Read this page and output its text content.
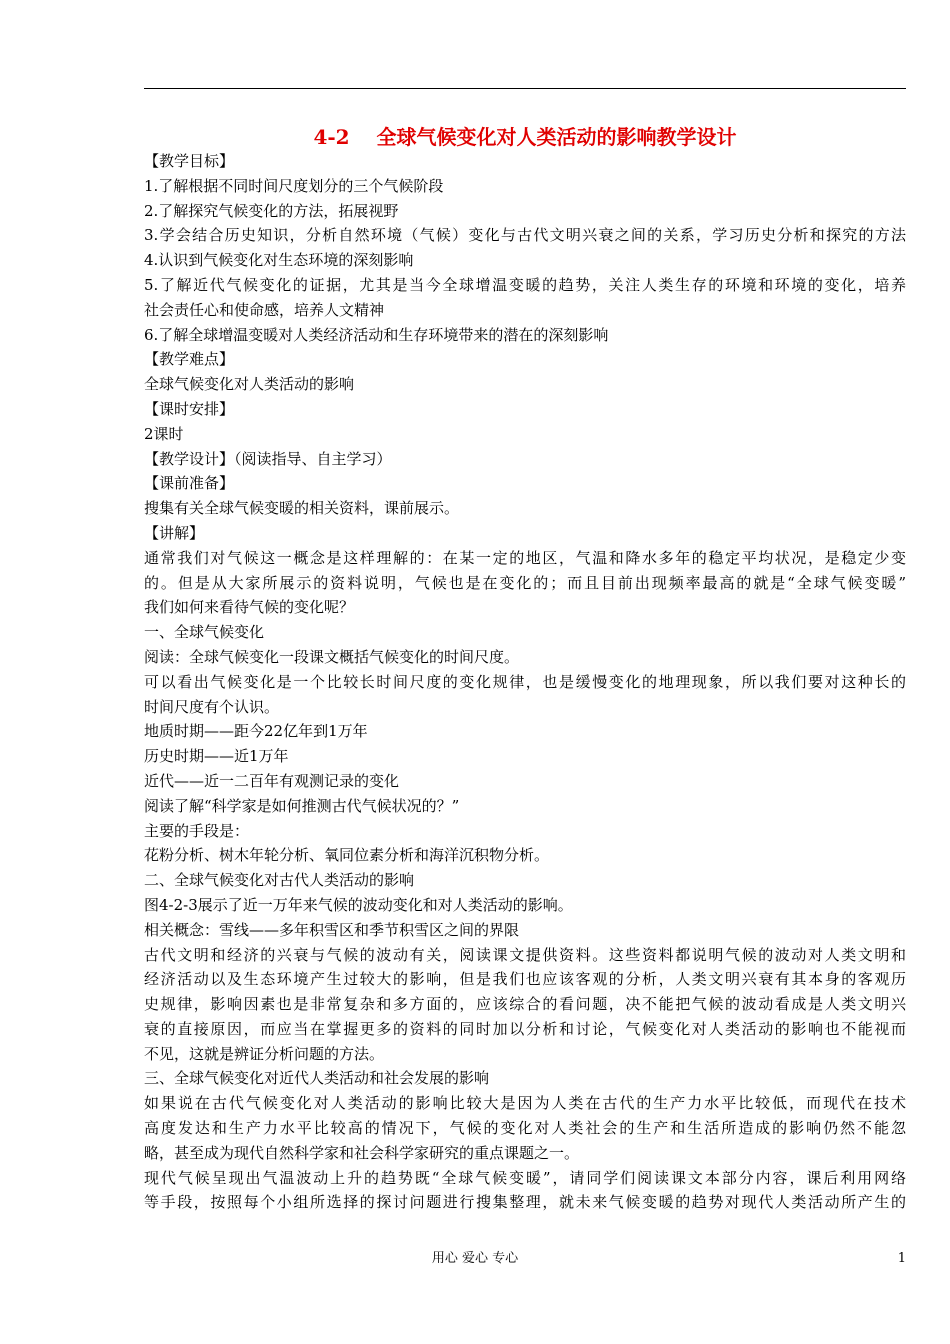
4-2　 全球气候变化对人类活动的影响教学设计
【教学目标】
1.了解根据不同时间尺度划分的三个气候阶段
2.了解探究气候变化的方法，拓展视野
3.学会结合历史知识，分析自然环境（气候）变化与古代文明兴衰之间的关系，学习历史分析和探究的方法
4.认识到气候变化对生态环境的深刻影响
5.了解近代气候变化的证据，尤其是当今全球增温变暖的趋势，关注人类生存的环境和环境的变化，培养
社会责任心和使命感，培养人文精神
6.了解全球增温变暖对人类经济活动和生存环境带来的潜在的深刻影响
【教学难点】
全球气候变化对人类活动的影响
【课时安排】
2课时
【教学设计】（阅读指导、自主学习）
【课前准备】
搜集有关全球气候变暖的相关资料，课前展示。
【讲解】
通常我们对气候这一概念是这样理解的：在某一定的地区，气温和降水多年的稳定平均状况，是稳定少变
的。但是从大家所展示的资料说明，气候也是在变化的；而且目前出现频率最高的就是“全球气候变暖”
我们如何来看待气候的变化呢？
一、全球气候变化
阅读：全球气候变化一段课文概括气候变化的时间尺度。
可以看出气候变化是一个比较长时间尺度的变化规律，也是缓慢变化的地理现象，所以我们要对这种长的
时间尺度有个认识。
地质时期——距今22亿年到1万年
历史时期——近1万年
近代——近一二百年有观测记录的变化
阅读了解“科学家是如何推测古代气候状况的？”
主要的手段是：
花粉分析、树木年轮分析、氧同位素分析和海洋沉积物分析。
二、全球气候变化对古代人类活动的影响
图4-2-3展示了近一万年来气候的波动变化和对人类活动的影响。
相关概念：雪线——多年积雪区和季节积雪区之间的界限
古代文明和经济的兴衰与气候的波动有关，阅读课文提供资料。这些资料都说明气候的波动对人类文明和
经济活动以及生态环境产生过较大的影响，但是我们也应该客观的分析，人类文明兴衰有其本身的客观历
史规律，影响因素也是非常复杂和多方面的，应该综合的看问题，决不能把气候的波动看成是人类文明兴
衰的直接原因，而应当在掌握更多的资料的同时加以分析和讨论，气候变化对人类活动的影响也不能视而
不见，这就是辨证分析问题的方法。
三、全球气候变化对近代人类活动和社会发展的影响
如果说在古代气候变化对人类活动的影响比较大是因为人类在古代的生产力水平比较低，而现代在技术
高度发达和生产力水平比较高的情况下，气候的变化对人类社会的生产和生活所造成的影响仍然不能忽
略，甚至成为现代自然科学家和社会科学家研究的重点课题之一。
现代气候呈现出气温波动上升的趋势既“全球气候变暖”，请同学们阅读课文本部分内容，课后利用网络
等手段，按照每个小组所选择的探讨问题进行搜集整理，就未来气候变暖的趋势对现代人类活动所产生的
用心 爱心 专心	1
